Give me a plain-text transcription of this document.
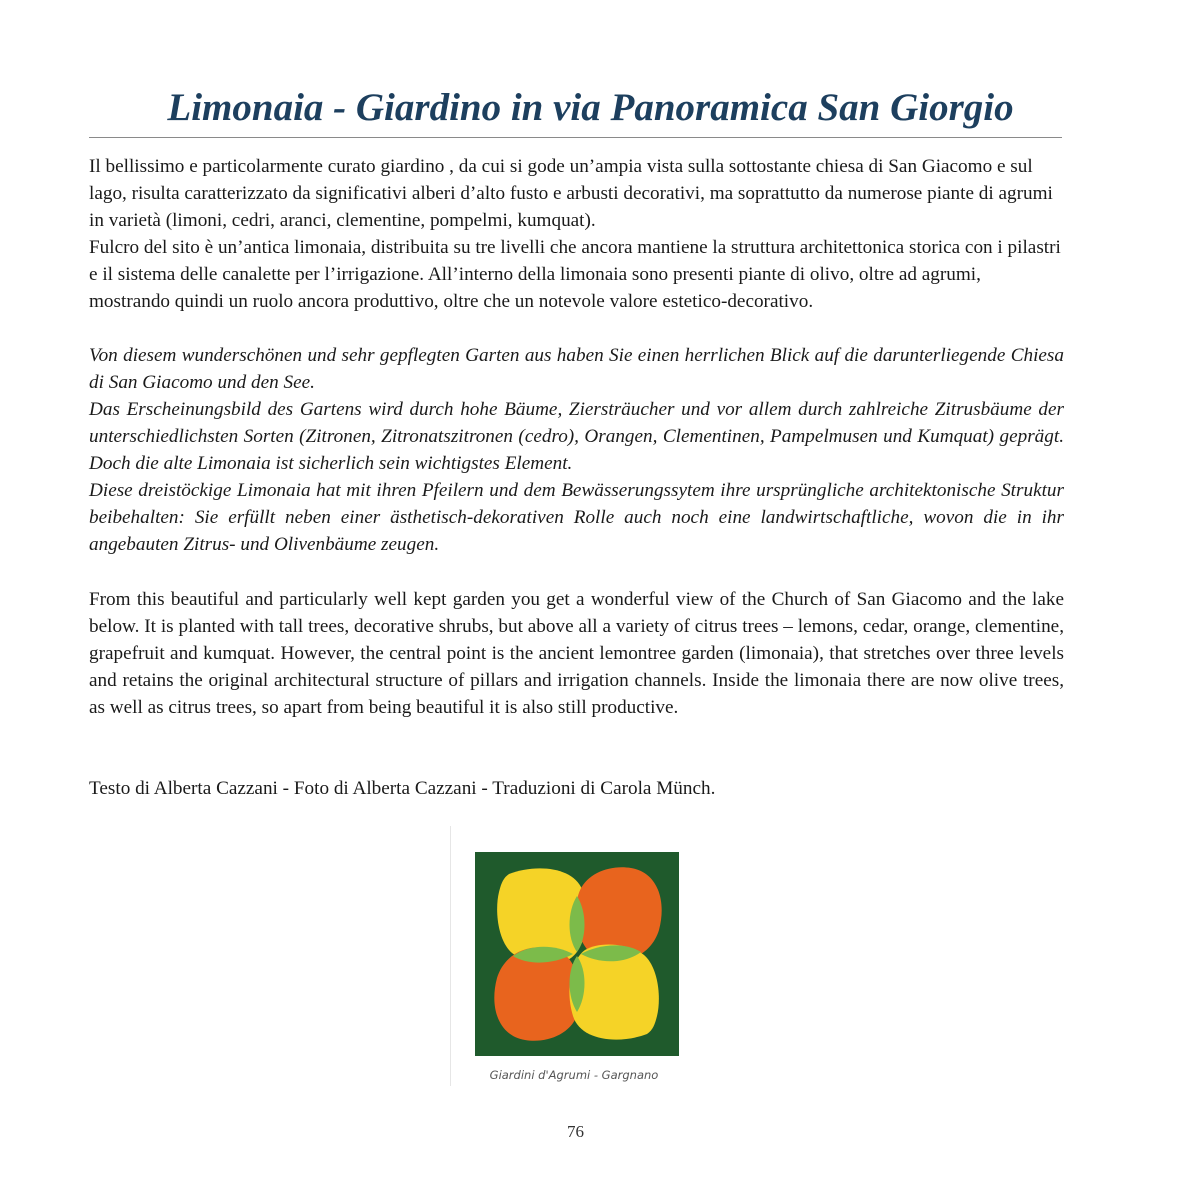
Limonaia - Giardino in via Panoramica San Giorgio

Il bellissimo e particolarmente curato giardino , da cui si gode un’ampia vista sulla sottostante chiesa di San Giacomo e sul lago, risulta caratterizzato da significativi alberi d’alto fusto e arbusti decorativi, ma soprattutto da numerose piante di agrumi in varietà (limoni, cedri, aranci, clementine, pompelmi, kumquat).

Fulcro del sito è un’antica limonaia, distribuita su tre livelli che ancora mantiene la struttura architettonica storica con i pilastri e il sistema delle canalette per l’irrigazione. All’interno della limonaia sono presenti piante di olivo, oltre ad agrumi, mostrando quindi un ruolo ancora produttivo, oltre che un notevole valore estetico-decorativo.

Von diesem wunderschönen und sehr gepflegten Garten aus haben Sie einen herrlichen Blick auf die darunterliegende Chiesa di San Giacomo und den See.

Das Erscheinungsbild des Gartens wird durch hohe Bäume, Ziersträucher und vor allem durch zahlreiche Zitrusbäume der unterschiedlichsten Sorten (Zitronen, Zitronatszitronen (cedro), Orangen, Clementinen, Pampelmusen und Kumquat) geprägt. Doch die alte Limonaia ist sicherlich sein wichtigstes Element.

Diese dreistöckige Limonaia hat mit ihren Pfeilern und dem Bewässerungssytem ihre ursprüngliche architektonische Struktur beibehalten: Sie erfüllt neben einer ästhetisch-dekorativen Rolle auch noch eine landwirtschaftliche, wovon die in ihr angebauten Zitrus- und Olivenbäume zeugen.

From this beautiful and particularly well kept garden you get a wonderful view of the Church of San Giacomo and the lake below. It is planted with tall trees, decorative shrubs, but above all a variety of citrus trees – lemons, cedar, orange, clementine, grapefruit and kumquat. However, the central point is the ancient lemontree garden (limonaia), that stretches over three levels and retains the original architectural structure of pillars and irrigation channels. Inside the limonaia there are now olive trees, as well as citrus trees, so apart from being beautiful it is also still productive.

Testo di Alberta Cazzani - Foto di Alberta Cazzani - Traduzioni di Carola Münch.

Giardini d'Agrumi - Gargnano
76
